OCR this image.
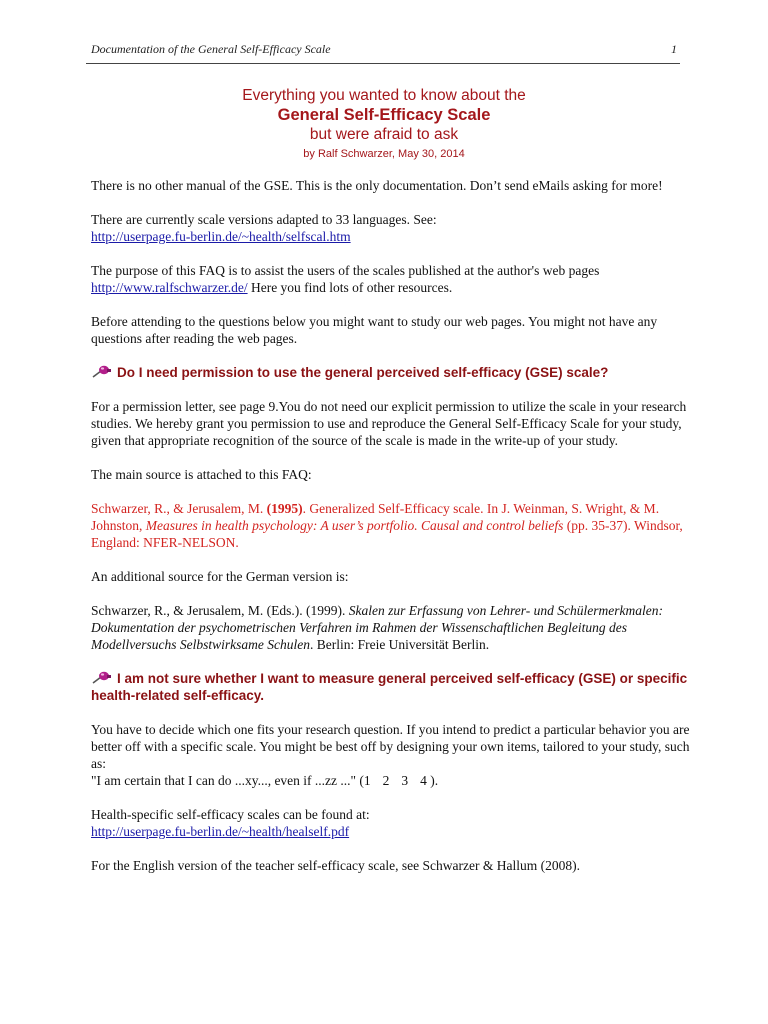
Documentation of the General Self-Efficacy Scale	1
Everything you wanted to know about the
General Self-Efficacy Scale
but were afraid to ask
by Ralf Schwarzer, May 30, 2014

There is no other manual of the GSE. This is the only documentation. Don’t send eMails asking for more!

There are currently scale versions adapted to 33 languages. See:
http://userpage.fu-berlin.de/~health/selfscal.htm

The purpose of this FAQ is to assist the users of the scales published at the author's web pages http://www.ralfschwarzer.de/ Here you find lots of other resources.

Before attending to the questions below you might want to study our web pages. You might not have any questions after reading the web pages.

Do I need permission to use the general perceived self-efficacy (GSE) scale?

For a permission letter, see page 9.You do not need our explicit permission to utilize the scale in your research studies. We hereby grant you permission to use and reproduce the General Self-Efficacy Scale for your study, given that appropriate recognition of the source of the scale is made in the write-up of your study.

The main source is attached to this FAQ:

Schwarzer, R., & Jerusalem, M. (1995). Generalized Self-Efficacy scale. In J. Weinman, S. Wright, & M. Johnston, Measures in health psychology: A user’s portfolio. Causal and control beliefs (pp. 35-37). Windsor, England: NFER-NELSON.

An additional source for the German version is:

Schwarzer, R., & Jerusalem, M. (Eds.). (1999). Skalen zur Erfassung von Lehrer- und Schülermerkmalen: Dokumentation der psychometrischen Verfahren im Rahmen der Wissenschaftlichen Begleitung des Modellversuchs Selbstwirksame Schulen. Berlin: Freie Universität Berlin.

I am not sure whether I want to measure general perceived self-efficacy (GSE) or specific health-related self-efficacy.

You have to decide which one fits your research question. If you intend to predict a particular behavior you are better off with a specific scale. You might be best off by designing your own items, tailored to your study, such as:
"I am certain that I can do ...xy..., even if ...zz ..." (1 2 3 4 ).

Health-specific self-efficacy scales can be found at:
http://userpage.fu-berlin.de/~health/healself.pdf

For the English version of the teacher self-efficacy scale, see Schwarzer & Hallum (2008).
